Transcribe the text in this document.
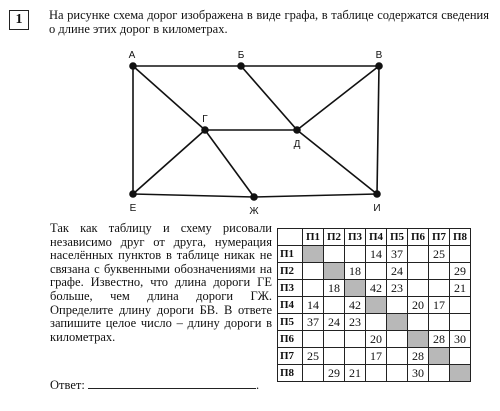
1	На рисунке схема дорог изображена в виде графа, в таблице содержатся сведения о длине этих дорог в километрах.
А	Б	В
Г
Д
Е	Ж	И
Так как таблицу и схему рисовали независимо друг от друга, нумерация населённых пунктов в таблице никак не связана с буквенными обозначениями на графе. Известно, что длина дороги ГЕ больше, чем длина дороги ГЖ. Определите длину дороги БВ. В ответе запишите целое число – длину дороги в километрах.
Ответ:	.
	П1	П2	П3	П4	П5	П6	П7	П8
П1				14	37		25	
П2			18		24			29
П3		18		42	23			21
П4	14		42			20	17	
П5	37	24	23					
П6				20			28	30
П7	25			17		28		
П8		29	21			30		
